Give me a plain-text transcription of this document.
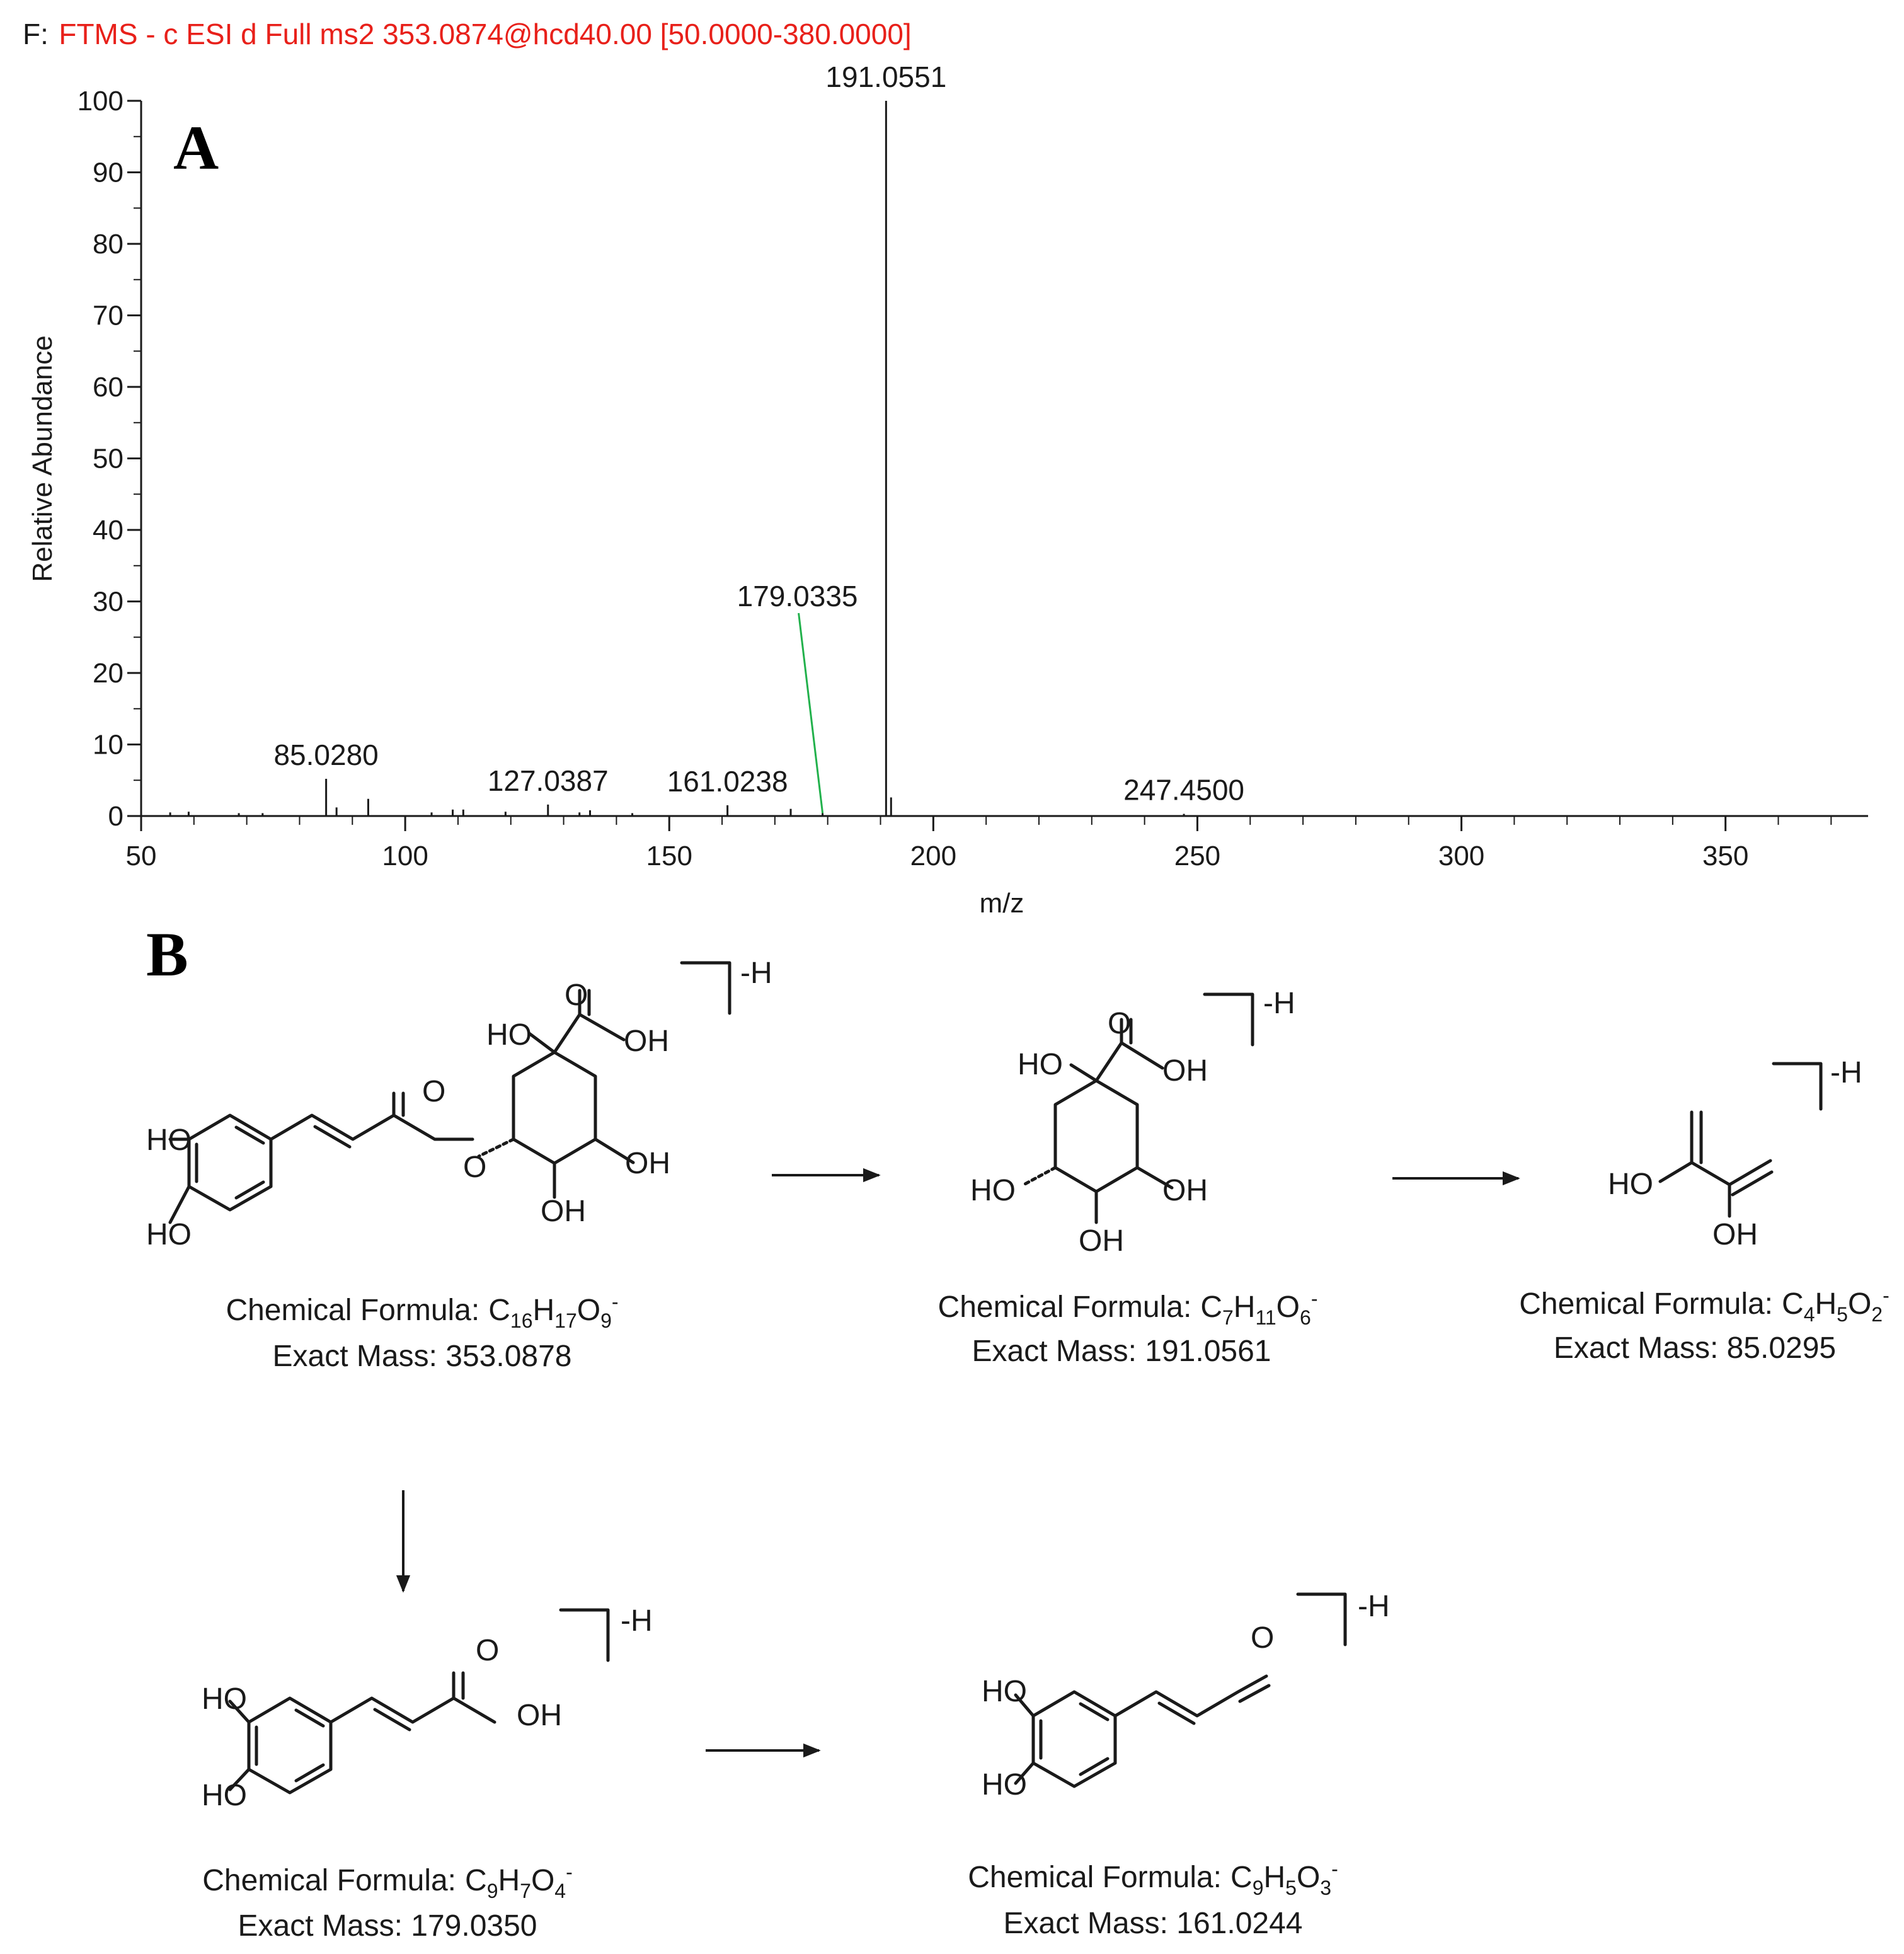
F: FTMS - c ESI d Full ms2 353.0874@hcd40.00 [50.0000-380.0000]
A
0
10
20
30
40
50
60
70
80
90
100
50	100	150	200	250	300	350
85.0280
127.0387 161.0238
179.0335
191.0551
247.4500
m/z
Relative Abundance
B
HO
HO
O
O
HO
O
OH
OH
OH
-H
Chemical Formula: $C_{16}H_{17}O_9^-$
Exact Mass: 353.0878
HO
O
OH
HO	OH
OH
-H
Chemical Formula: $C_7H_{11}O_6^-$
Exact Mass: 191.0561
HO
OH
-H
Chemical Formula: $C_4H_5O_2^-$
Exact Mass: 85.0295
HO
HO
O
OH
-H
Chemical Formula: $C_9H_7O_4^-$
Exact Mass: 179.0350
HO
HO
O
-H
Chemical Formula: $C_9H_5O_3^-$
Exact Mass: 161.0244
